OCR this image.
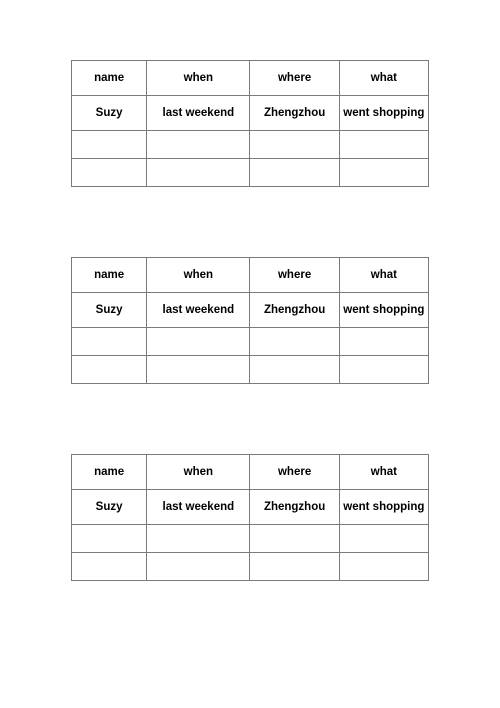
name	when	where	what
Suzy	last weekend	Zhengzhou	went shopping

name	when	where	what
Suzy	last weekend	Zhengzhou	went shopping

name	when	where	what
Suzy	last weekend	Zhengzhou	went shopping
